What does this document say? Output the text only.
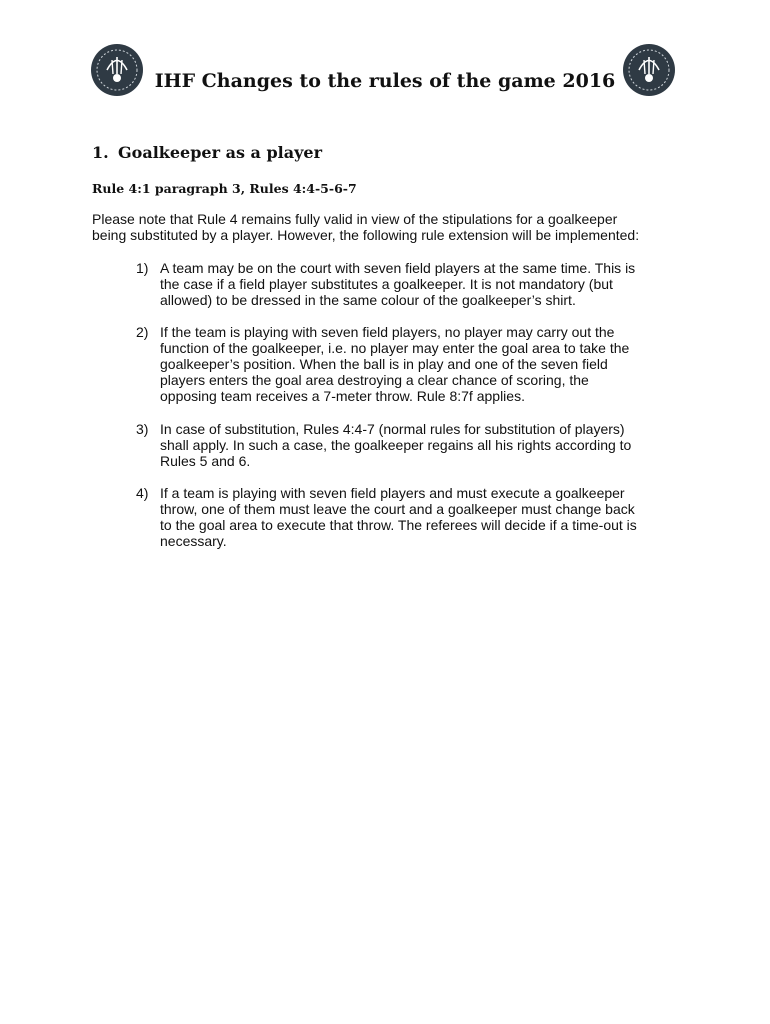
IHF Changes to the rules of the game 2016
1. Goalkeeper as a player

Rule 4:1 paragraph 3, Rules 4:4-5-6-7

Please note that Rule 4 remains fully valid in view of the stipulations for a goalkeeper
being substituted by a player. However, the following rule extension will be implemented:

1) A team may be on the court with seven field players at the same time. This is
the case if a field player substitutes a goalkeeper. It is not mandatory (but
allowed) to be dressed in the same colour of the goalkeeper’s shirt.
2) If the team is playing with seven field players, no player may carry out the
function of the goalkeeper, i.e. no player may enter the goal area to take the
goalkeeper’s position. When the ball is in play and one of the seven field
players enters the goal area destroying a clear chance of scoring, the
opposing team receives a 7-meter throw. Rule 8:7f applies.
3) In case of substitution, Rules 4:4-7 (normal rules for substitution of players)
shall apply. In such a case, the goalkeeper regains all his rights according to
Rules 5 and 6.
4) If a team is playing with seven field players and must execute a goalkeeper
throw, one of them must leave the court and a goalkeeper must change back
to the goal area to execute that throw. The referees will decide if a time-out is
necessary.
